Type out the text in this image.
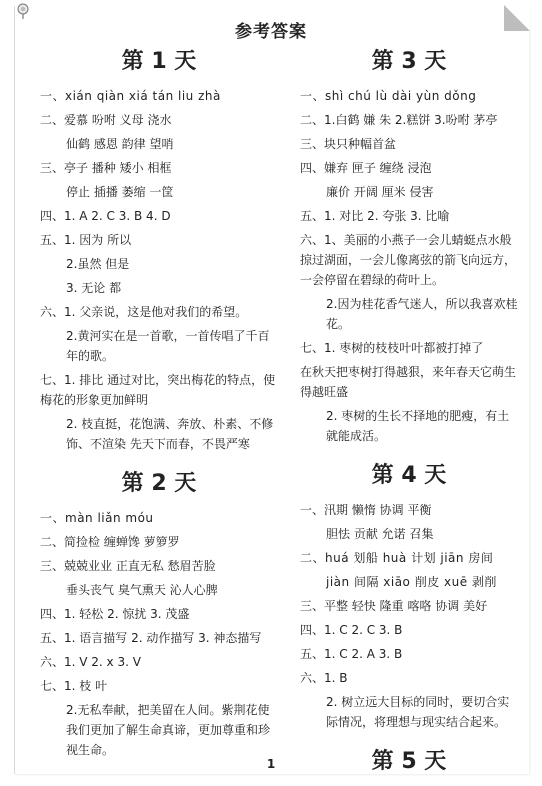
参考答案
第 1 天
一、xián qiàn xiá tán liu zhà
二、爱慕 吩咐 义母 浇水
仙鹤 感恩 韵律 望哨
三、亭子 播种 矮小 相框
停止 插播 萎缩 一筐
四、1. A 2. C 3. B 4. D
五、1. 因为 所以
2.虽然 但是
3. 无论 都
六、1. 父亲说，这是他对我们的希望。
2.黄河实在是一首歌，一首传唱了千百年的歌。
七、1. 排比 通过对比，突出梅花的特点，使梅花的形象更加鲜明
2. 枝直挺，花饱满、奔放、朴素、不修饰、不渲染 先天下而春，不畏严寒
第 2 天
一、màn liǎn móu
二、简捡检 缠蝉馋 萝箩罗
三、兢兢业业 正直无私 愁眉苦脸
垂头丧气 臭气熏天 沁人心脾
四、1. 轻松 2. 惊扰 3. 茂盛
五、1. 语言描写 2. 动作描写 3. 神态描写
六、1. V 2. x 3. V
七、1. 枝 叶
2.无私奉献，把美留在人间。紫荆花使我们更加了解生命真谛，更加尊重和珍视生命。
第 3 天
一、shì chú lù dài yùn dǒng
二、1.白鹤 嫌 朱 2.糕饼 3.吩咐 茅亭
三、块只种幅首盆
四、嫌弃 匣子 缠绕 浸泡
廉价 开阔 厘米 侵害
五、1. 对比 2. 夸张 3. 比喻
六、1、美丽的小燕子一会儿蜻蜓点水般掠过湖面，一会儿像离弦的箭飞向远方，一会停留在碧绿的荷叶上。
2.因为桂花香气迷人，所以我喜欢桂花。
七、1. 枣树的枝枝叶叶都被打掉了
在秋天把枣树打得越狠，来年春天它萌生得越旺盛
2. 枣树的生长不择地的肥瘦，有土就能成活。
第 4 天
一、汛期 懒惰 协调 平衡
胆怯 贡献 允诺 召集
二、huá 划船 huà 计划 jiān 房间
jiàn 间隔 xiāo 削皮 xuē 剥削
三、平整 轻快 隆重 喀咯 协调 美好
四、1. C 2. C 3. B
五、1. C 2. A 3. B
六、1. B
2. 树立远大目标的同时，要切合实际情况，将理想与现实结合起来。
第 5 天
1
